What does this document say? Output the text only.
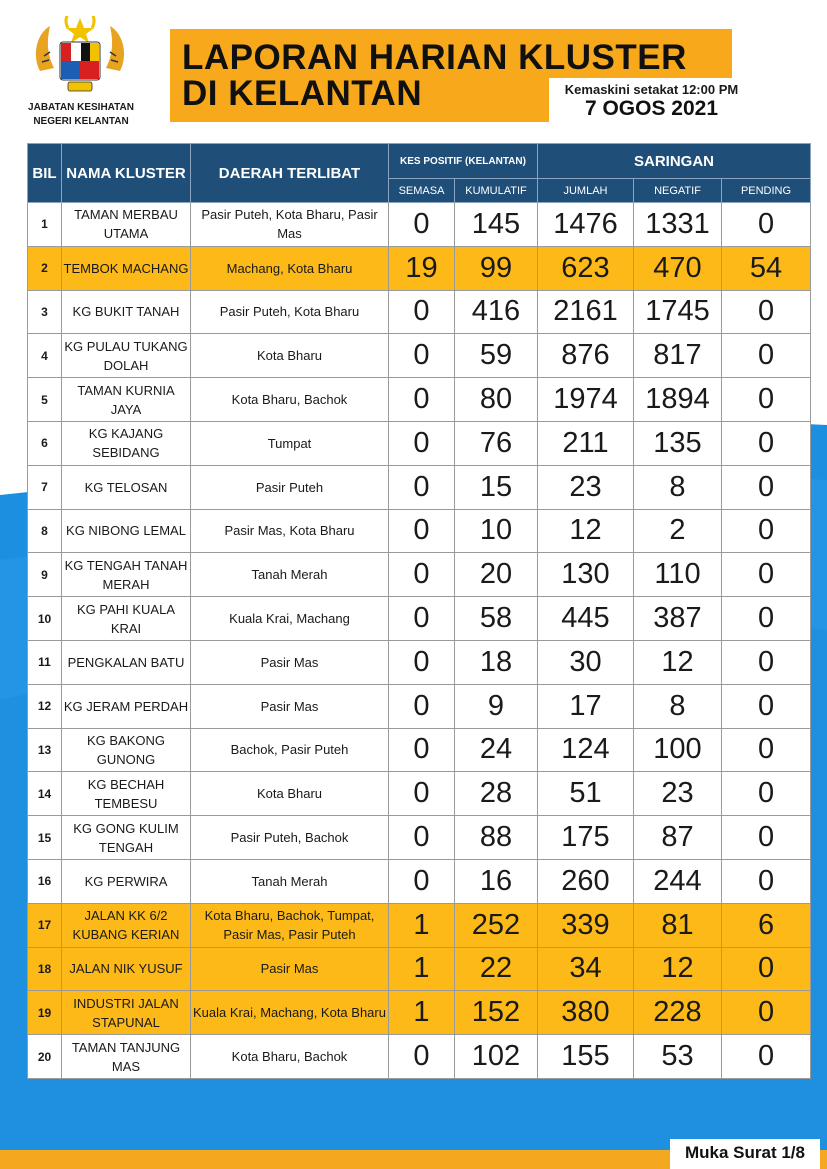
JABATAN KESIHATAN
NEGERI KELANTAN
LAPORAN HARIAN KLUSTER
DI KELANTAN	Kemaskini setakat 12:00 PM
7 OGOS 2021
BIL	NAMA KLUSTER	DAERAH TERLIBAT	KES POSITIF (KELANTAN)		SARINGAN		
			SEMASA	KUMULATIF	JUMLAH	NEGATIF	PENDING
1	TAMAN MERBAU UTAMA	Pasir Puteh, Kota Bharu, Pasir Mas	0	145	1476	1331	0
2	TEMBOK MACHANG	Machang, Kota Bharu	19	99	623	470	54
3	KG BUKIT TANAH	Pasir Puteh, Kota Bharu	0	416	2161	1745	0
4	KG PULAU TUKANG DOLAH	Kota Bharu	0	59	876	817	0
5	TAMAN KURNIA JAYA	Kota Bharu, Bachok	0	80	1974	1894	0
6	KG KAJANG SEBIDANG	Tumpat	0	76	211	135	0
7	KG TELOSAN	Pasir Puteh	0	15	23	8	0
8	KG NIBONG LEMAL	Pasir Mas, Kota Bharu	0	10	12	2	0
9	KG TENGAH TANAH MERAH	Tanah Merah	0	20	130	110	0
10	KG PAHI KUALA KRAI	Kuala Krai, Machang	0	58	445	387	0
11	PENGKALAN BATU	Pasir Mas	0	18	30	12	0
12	KG JERAM PERDAH	Pasir Mas	0	9	17	8	0
13	KG BAKONG GUNONG	Bachok, Pasir Puteh	0	24	124	100	0
14	KG BECHAH TEMBESU	Kota Bharu	0	28	51	23	0
15	KG GONG KULIM TENGAH	Pasir Puteh, Bachok	0	88	175	87	0
16	KG PERWIRA	Tanah Merah	0	16	260	244	0
17	JALAN KK 6/2 KUBANG KERIAN	Kota Bharu, Bachok, Tumpat, Pasir Mas, Pasir Puteh	1	252	339	81	6
18	JALAN NIK YUSUF	Pasir Mas	1	22	34	12	0
19	INDUSTRI JALAN STAPUNAL	Kuala Krai, Machang, Kota Bharu	1	152	380	228	0
20	TAMAN TANJUNG MAS	Kota Bharu, Bachok	0	102	155	53	0
Muka Surat 1/8
